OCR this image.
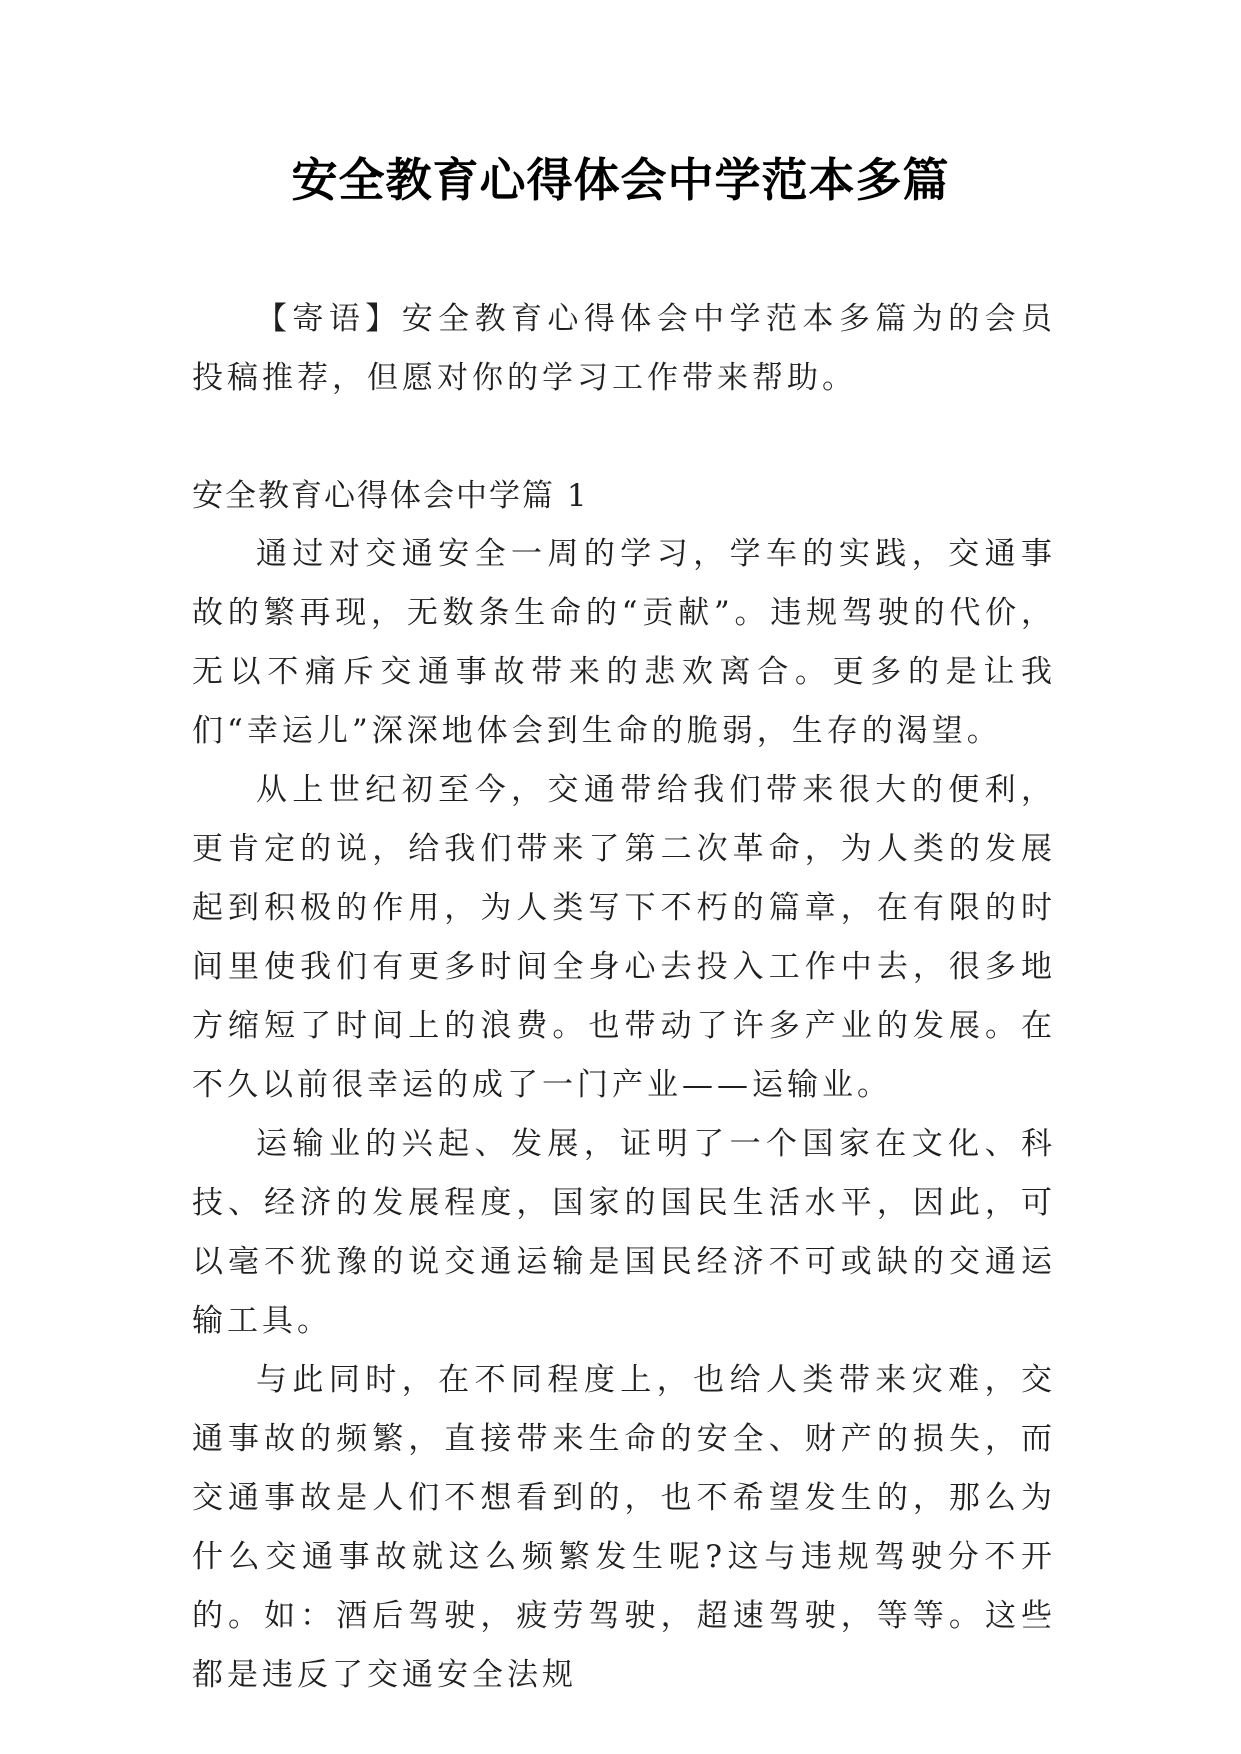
安全教育心得体会中学范本多篇
【寄语】安全教育心得体会中学范本多篇为的会员投稿推荐，但愿对你的学习工作带来帮助。
安全教育心得体会中学篇 1

通过对交通安全一周的学习，学车的实践，交通事故的繁再现，无数条生命的“贡献”。违规驾驶的代价，无以不痛斥交通事故带来的悲欢离合。更多的是让我们“幸运儿”深深地体会到生命的脆弱，生存的渴望。

从上世纪初至今，交通带给我们带来很大的便利，更肯定的说，给我们带来了第二次革命，为人类的发展起到积极的作用，为人类写下不朽的篇章，在有限的时间里使我们有更多时间全身心去投入工作中去，很多地方缩短了时间上的浪费。也带动了许多产业的发展。在不久以前很幸运的成了一门产业——运输业。

运输业的兴起、发展，证明了一个国家在文化、科技、经济的发展程度，国家的国民生活水平，因此，可以毫不犹豫的说交通运输是国民经济不可或缺的交通运输工具。

与此同时，在不同程度上，也给人类带来灾难，交通事故的频繁，直接带来生命的安全、财产的损失，而交通事故是人们不想看到的，也不希望发生的，那么为什么交通事故就这么频繁发生呢?这与违规驾驶分不开的。如：酒后驾驶，疲劳驾驶，超速驾驶，等等。这些都是违反了交通安全法规
